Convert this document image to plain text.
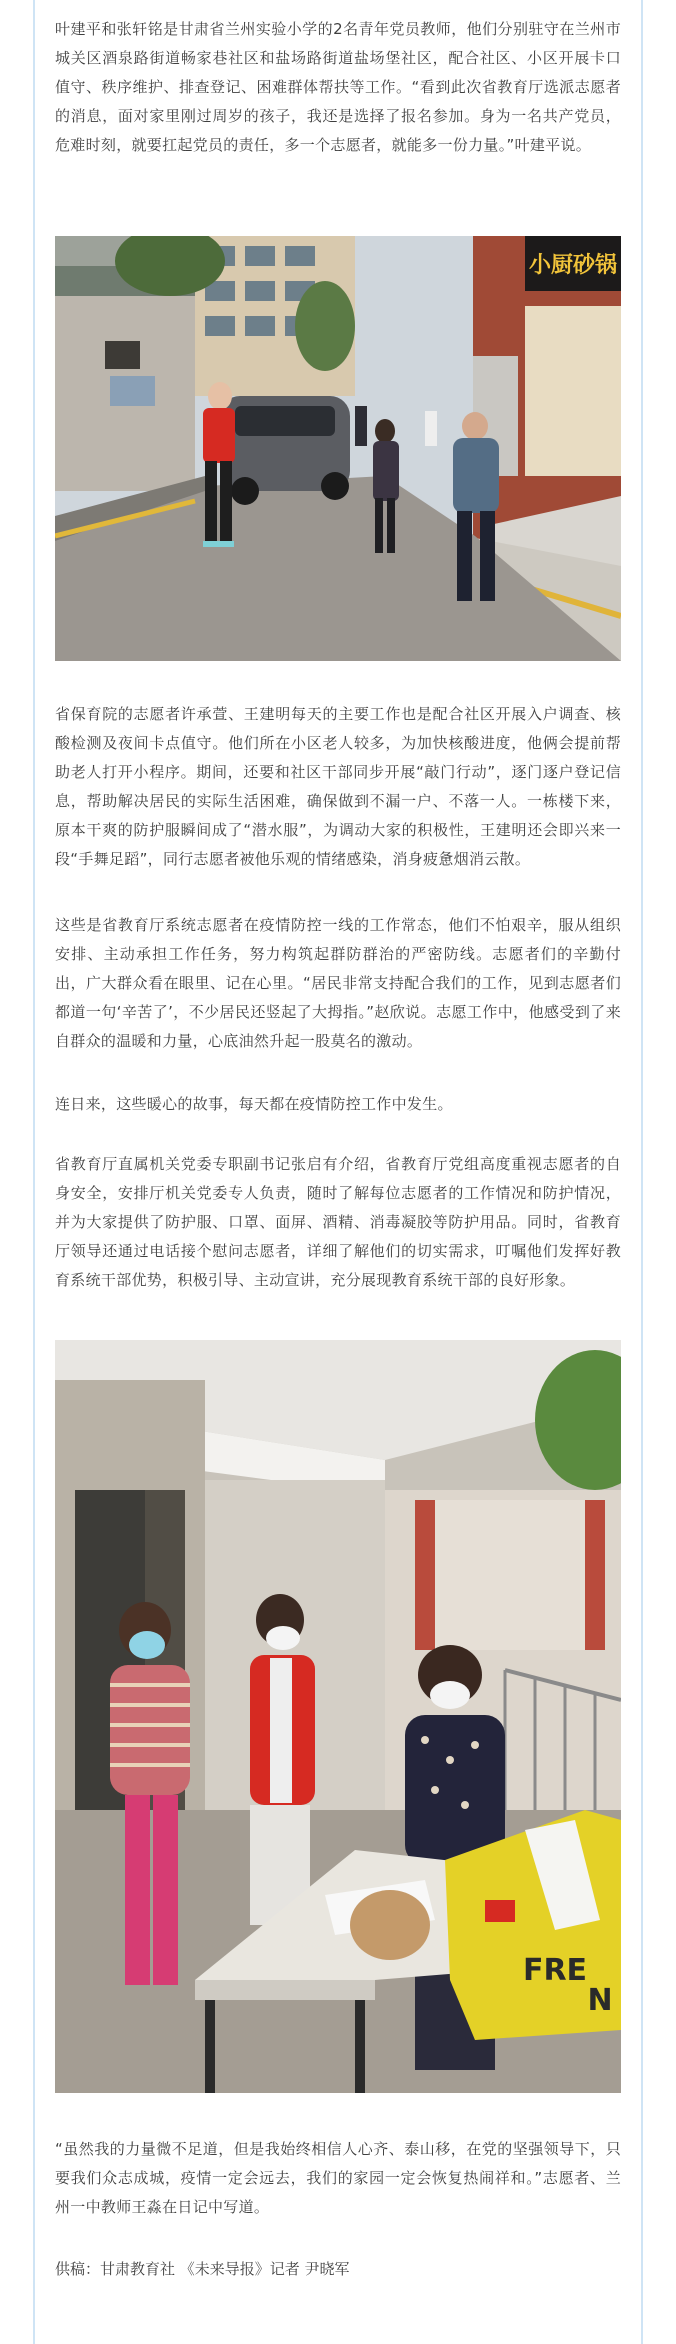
叶建平和张轩铭是甘肃省兰州实验小学的2名青年党员教师，他们分别驻守在兰州市城关区酒泉路街道畅家巷社区和盐场路街道盐场堡社区，配合社区、小区开展卡口值守、秩序维护、排查登记、困难群体帮扶等工作。“看到此次省教育厅选派志愿者的消息，面对家里刚过周岁的孩子，我还是选择了报名参加。身为一名共产党员，危难时刻，就要扛起党员的责任，多一个志愿者，就能多一份力量。”叶建平说。

小厨砂锅

省保育院的志愿者许承萱、王建明每天的主要工作也是配合社区开展入户调查、核酸检测及夜间卡点值守。他们所在小区老人较多，为加快核酸进度，他俩会提前帮助老人打开小程序。期间，还要和社区干部同步开展“敲门行动”，逐门逐户登记信息，帮助解决居民的实际生活困难，确保做到不漏一户、不落一人。一栋楼下来，原本干爽的防护服瞬间成了“潜水服”，为调动大家的积极性，王建明还会即兴来一段“手舞足蹈”，同行志愿者被他乐观的情绪感染，消身疲惫烟消云散。

这些是省教育厅系统志愿者在疫情防控一线的工作常态，他们不怕艰辛，服从组织安排、主动承担工作任务，努力构筑起群防群治的严密防线。志愿者们的辛勤付出，广大群众看在眼里、记在心里。“居民非常支持配合我们的工作，见到志愿者们都道一句‘辛苦了’，不少居民还竖起了大拇指。”赵欣说。志愿工作中，他感受到了来自群众的温暖和力量，心底油然升起一股莫名的激动。

连日来，这些暖心的故事，每天都在疫情防控工作中发生。

省教育厅直属机关党委专职副书记张启有介绍，省教育厅党组高度重视志愿者的自身安全，安排厅机关党委专人负责，随时了解每位志愿者的工作情况和防护情况，并为大家提供了防护服、口罩、面屏、酒精、消毒凝胶等防护用品。同时，省教育厅领导还通过电话接个慰问志愿者，详细了解他们的切实需求，叮嘱他们发挥好教育系统干部优势，积极引导、主动宣讲，充分展现教育系统干部的良好形象。

FRE
N

“虽然我的力量微不足道，但是我始终相信人心齐、泰山移，在党的坚强领导下，只要我们众志成城，疫情一定会远去，我们的家园一定会恢复热闹祥和。”志愿者、兰州一中教师王淼在日记中写道。

供稿：甘肃教育社 《未来导报》记者 尹晓军
